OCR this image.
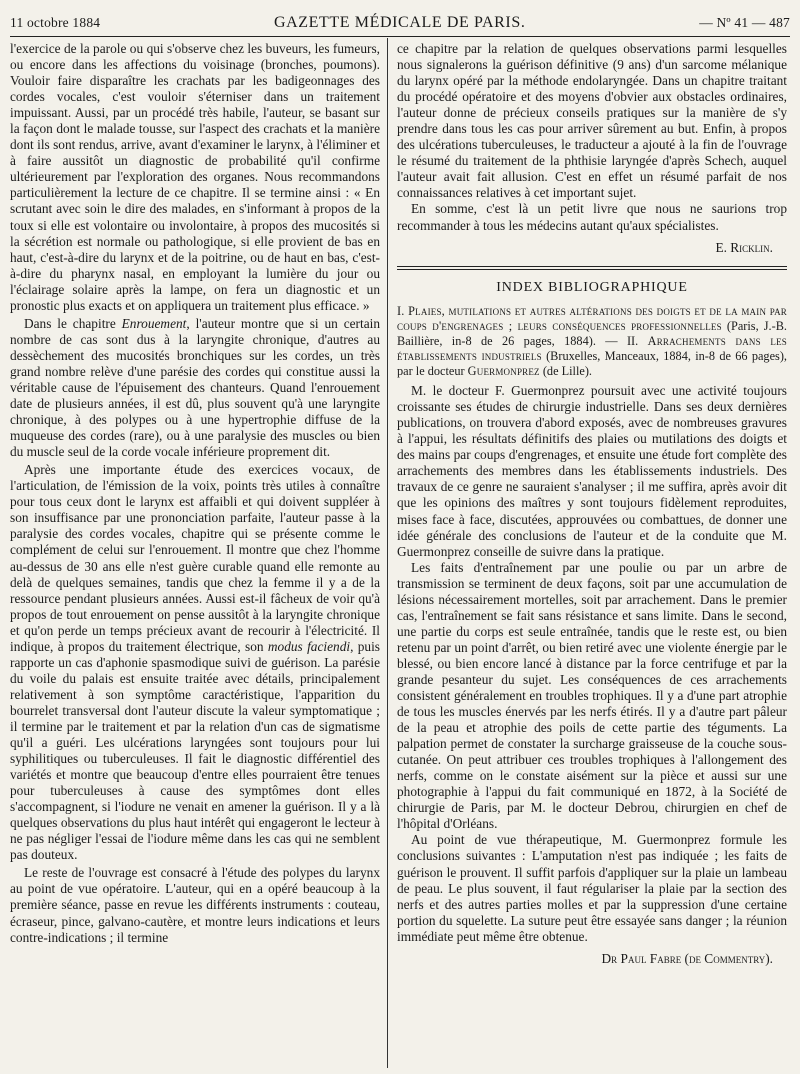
11 octobre 1884	GAZETTE MÉDICALE DE PARIS.	— Nº 41 — 487

l'exercice de la parole ou qui s'observe chez les buveurs, les fumeurs, ou encore dans les affections du voisinage (bronches, poumons). Vouloir faire disparaître les crachats par les badigeonnages des cordes vocales, c'est vouloir s'éterniser dans un traitement impuissant. Aussi, par un procédé très habile, l'auteur, se basant sur la façon dont le malade tousse, sur l'aspect des crachats et la manière dont ils sont rendus, arrive, avant d'examiner le larynx, à l'éliminer et à faire aussitôt un diagnostic de probabilité qu'il confirme ultérieurement par l'exploration des organes. Nous recommandons particulièrement la lecture de ce chapitre. Il se termine ainsi : « En scrutant avec soin le dire des malades, en s'informant à propos de la toux si elle est volontaire ou involontaire, à propos des mucosités si la sécrétion est normale ou pathologique, si elle provient de bas en haut, c'est-à-dire du larynx et de la poitrine, ou de haut en bas, c'est-à-dire du pharynx nasal, en employant la lumière du jour ou l'éclairage solaire après la lampe, on fera un diagnostic et un pronostic plus exacts et on appliquera un traitement plus efficace. »

Dans le chapitre Enrouement, l'auteur montre que si un certain nombre de cas sont dus à la laryngite chronique, d'autres au dessèchement des mucosités bronchiques sur les cordes, un très grand nombre relève d'une parésie des cordes qui constitue aussi la véritable cause de l'épuisement des chanteurs. Quand l'enrouement date de plusieurs années, il est dû, plus souvent qu'à une laryngite chronique, à des polypes ou à une hypertrophie diffuse de la muqueuse des cordes (rare), ou à une paralysie des muscles ou bien du muscle seul de la corde vocale inférieure proprement dit.

Après une importante étude des exercices vocaux, de l'articulation, de l'émission de la voix, points très utiles à connaître pour tous ceux dont le larynx est affaibli et qui doivent suppléer à son insuffisance par une prononciation parfaite, l'auteur passe à la paralysie des cordes vocales, chapitre qui se présente comme le complément de celui sur l'enrouement. Il montre que chez l'homme au-dessus de 30 ans elle n'est guère curable quand elle remonte au delà de quelques semaines, tandis que chez la femme il y a de la ressource pendant plusieurs années. Aussi est-il fâcheux de voir qu'à propos de tout enrouement on pense aussitôt à la laryngite chronique et qu'on perde un temps précieux avant de recourir à l'électricité. Il indique, à propos du traitement électrique, son modus faciendi, puis rapporte un cas d'aphonie spasmodique suivi de guérison. La parésie du voile du palais est ensuite traitée avec détails, principalement relativement à son symptôme caractéristique, l'apparition du bourrelet transversal dont l'auteur discute la valeur symptomatique ; il termine par le traitement et par la relation d'un cas de sigmatisme qu'il a guéri. Les ulcérations laryngées sont toujours pour lui syphilitiques ou tuberculeuses. Il fait le diagnostic différentiel des variétés et montre que beaucoup d'entre elles pourraient être tenues pour tuberculeuses à cause des symptômes dont elles s'accompagnent, si l'iodure ne venait en amener la guérison. Il y a là quelques observations du plus haut intérêt qui engageront le lecteur à ne pas négliger l'essai de l'iodure même dans les cas qui ne semblent pas douteux.

Le reste de l'ouvrage est consacré à l'étude des polypes du larynx au point de vue opératoire. L'auteur, qui en a opéré beaucoup à la première séance, passe en revue les différents instruments : couteau, écraseur, pince, galvano-cautère, et montre leurs indications et leurs contre-indications ; il termine

ce chapitre par la relation de quelques observations parmi lesquelles nous signalerons la guérison définitive (9 ans) d'un sarcome mélanique du larynx opéré par la méthode endolaryngée. Dans un chapitre traitant du procédé opératoire et des moyens d'obvier aux obstacles ordinaires, l'auteur donne de précieux conseils pratiques sur la manière de s'y prendre dans tous les cas pour arriver sûrement au but. Enfin, à propos des ulcérations tuberculeuses, le traducteur a ajouté à la fin de l'ouvrage le résumé du traitement de la phthisie laryngée d'après Schech, auquel l'auteur avait fait allusion. C'est en effet un résumé parfait de nos connaissances relatives à cet important sujet.

En somme, c'est là un petit livre que nous ne saurions trop recommander à tous les médecins autant qu'aux spécialistes.

E. Ricklin.

INDEX BIBLIOGRAPHIQUE

I. Plaies, mutilations et autres altérations des doigts et de la main par coups d'engrenages ; leurs conséquences professionnelles (Paris, J.-B. Baillière, in-8 de 26 pages, 1884). — II. Arrachements dans les établissements industriels (Bruxelles, Manceaux, 1884, in-8 de 66 pages), par le docteur Guermonprez (de Lille).

M. le docteur F. Guermonprez poursuit avec une activité toujours croissante ses études de chirurgie industrielle. Dans ses deux dernières publications, on trouvera d'abord exposés, avec de nombreuses gravures à l'appui, les résultats définitifs des plaies ou mutilations des doigts et des mains par coups d'engrenages, et ensuite une étude fort complète des arrachements des membres dans les établissements industriels. Des travaux de ce genre ne sauraient s'analyser ; il me suffira, après avoir dit que les opinions des maîtres y sont toujours fidèlement reproduites, mises face à face, discutées, approuvées ou combattues, de donner une idée générale des conclusions de l'auteur et de la conduite que M. Guermonprez conseille de suivre dans la pratique.

Les faits d'entraînement par une poulie ou par un arbre de transmission se terminent de deux façons, soit par une accumulation de lésions nécessairement mortelles, soit par arrachement. Dans le premier cas, l'entraînement se fait sans résistance et sans limite. Dans le second, une partie du corps est seule entraînée, tandis que le reste est, ou bien retenu par un point d'arrêt, ou bien retiré avec une violente énergie par le blessé, ou bien encore lancé à distance par la force centrifuge et par la grande pesanteur du sujet. Les conséquences de ces arrachements consistent généralement en troubles trophiques. Il y a d'une part atrophie de tous les muscles énervés par les nerfs étirés. Il y a d'autre part pâleur de la peau et atrophie des poils de cette partie des téguments. La palpation permet de constater la surcharge graisseuse de la couche sous-cutanée. On peut attribuer ces troubles trophiques à l'allongement des nerfs, comme on le constate aisément sur la pièce et aussi sur une photographie à l'appui du fait communiqué en 1872, à la Société de chirurgie de Paris, par M. le docteur Debrou, chirurgien en chef de l'hôpital d'Orléans.

Au point de vue thérapeutique, M. Guermonprez formule les conclusions suivantes : L'amputation n'est pas indiquée ; les faits de guérison le prouvent. Il suffit parfois d'appliquer sur la plaie un lambeau de peau. Le plus souvent, il faut régulariser la plaie par la section des nerfs et des autres parties molles et par la suppression d'une certaine portion du squelette. La suture peut être essayée sans danger ; la réunion immédiate peut même être obtenue.

Dr Paul Fabre (de Commentry).
